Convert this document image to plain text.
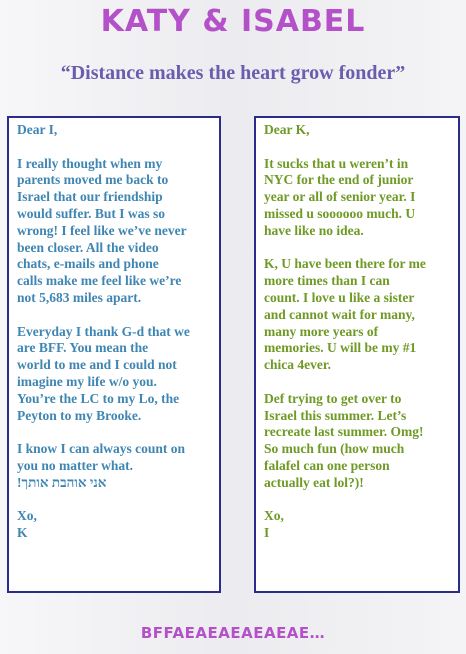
KATY & ISABEL
“Distance makes the heart grow fonder”

Dear I,

I really thought when my
parents moved me back to
Israel that our friendship
would suffer. But I was so
wrong! I feel like we’ve never
been closer. All the video
chats, e-mails and phone
calls make me feel like we’re
not 5,683 miles apart.

Everyday I thank G-d that we
are BFF. You mean the
world to me and I could not
imagine my life w/o you.
You’re the LC to my Lo, the
Peyton to my Brooke.

I know I can always count on
you no matter what.

!אני אוהבת אותך

Xo,

K

Dear K,

It sucks that u weren’t in
NYC for the end of junior
year or all of senior year. I
missed u soooooo much. U
have like no idea.

K, U have been there for me
more times than I can
count. I love u like a sister
and cannot wait for many,
many more years of
memories. U will be my #1
chica 4ever.

Def trying to get over to
Israel this summer. Let’s
recreate last summer. Omg!
So much fun (how much
falafel can one person
actually eat lol?)!

Xo,

I

BFFAEAEAEAEAEAE…
